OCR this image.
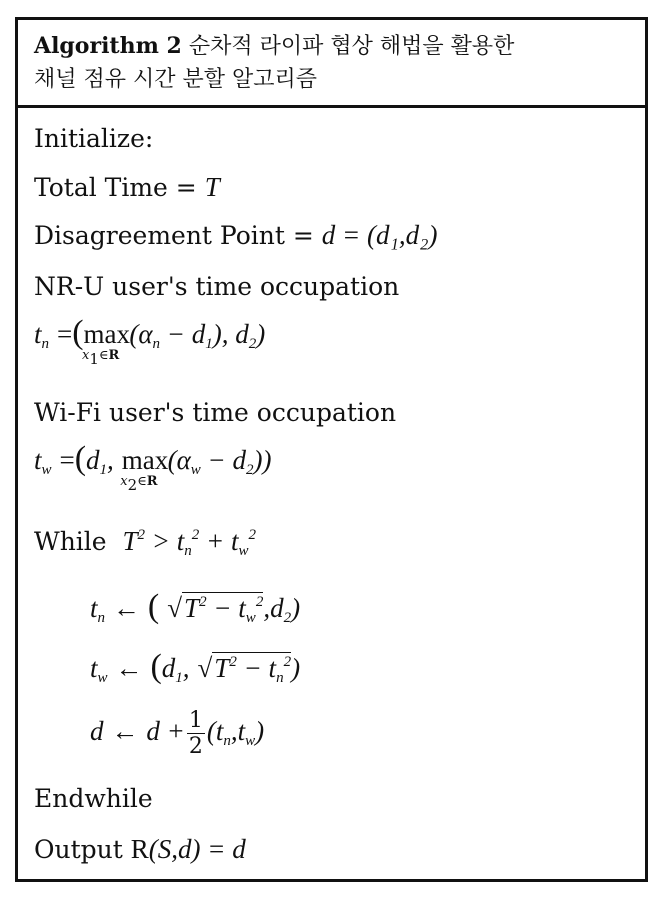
Algorithm 2 순차적 라이파 협상 해법을 활용한
채널 점유 시간 분할 알고리즘
Initialize:
Total Time = T
Disagreement Point = d = (d₁,d₂)
NR-U user's time occupation
$t_n$ $=(\max x_1\in R(\alpha_n - d_1)$, $d_2$)
Wi-Fi user's time occupation
$t_w =(d_1$, $\max x_2\in R(\alpha_w - d_2)$)
While $T^2 > t_n^2 + t_w^2$
$t_n$ ← ( $√T^2 - t_w^2,d_2$)
$t_w$ ← ($d_1$, $√T^2 - t_n^2$)
d ← $d + \frac{1}{2} (t_n,t_w)$
Endwhile
Output R(S,d) = d
